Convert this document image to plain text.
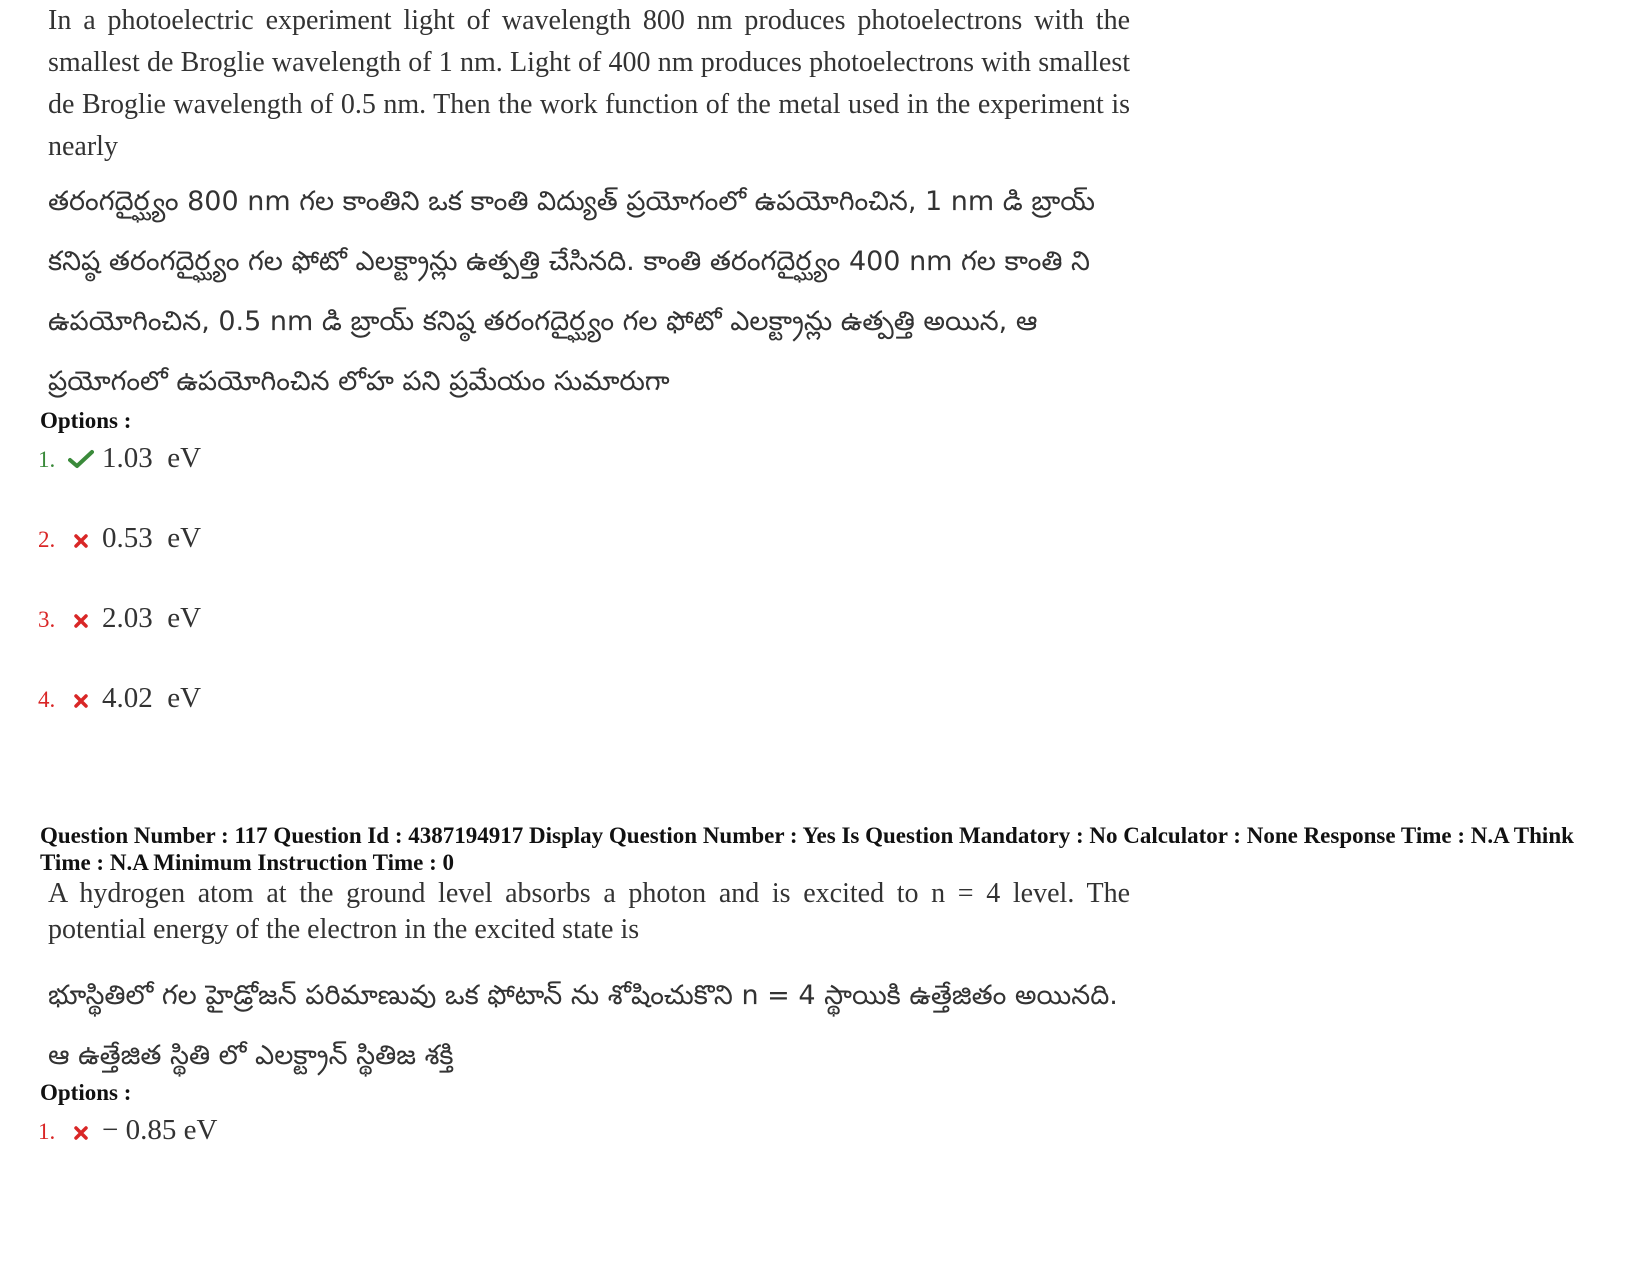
In a photoelectric experiment light of wavelength 800 nm produces photoelectrons with the smallest de Broglie wavelength of 1 nm. Light of 400 nm produces photoelectrons with smallest de Broglie wavelength of 0.5 nm. Then the work function of the metal used in the experiment is nearly
తరంగదైర్ఘ్యం 800 nm గల కాంతిని ఒక కాంతి విద్యుత్ ప్రయోగంలో ఉపయోగించిన, 1 nm డి బ్రాయ్ కనిష్ఠ తరంగదైర్ఘ్యం గల ఫోటో ఎలక్ట్రాన్లు ఉత్పత్తి చేసినది. కాంతి తరంగదైర్ఘ్యం 400 nm గల కాంతి ని ఉపయోగించిన, 0.5 nm డి బ్రాయ్ కనిష్ఠ తరంగదైర్ఘ్యం గల ఫోటో ఎలక్ట్రాన్లు ఉత్పత్తి అయిన, ఆ ప్రయోగంలో ఉపయోగించిన లోహ పని ప్రమేయం సుమారుగా
Options :
1.	1.03  eV
2.	0.53  eV
3.	2.03  eV
4.	4.02  eV
Question Number : 117 Question Id : 4387194917 Display Question Number : Yes Is Question Mandatory : No Calculator : None Response Time : N.A Think Time : N.A Minimum Instruction Time : 0
A hydrogen atom at the ground level absorbs a photon and is excited to n = 4 level. The potential energy of the electron in the excited state is
భూస్థితిలో గల హైడ్రోజన్ పరిమాణువు ఒక ఫోటాన్ ను శోషించుకొని n = 4 స్థాయికి ఉత్తేజితం అయినది. ఆ ఉత్తేజిత స్థితి లో ఎలక్ట్రాన్ స్థితిజ శక్తి
Options :
1.	− 0.85 eV
